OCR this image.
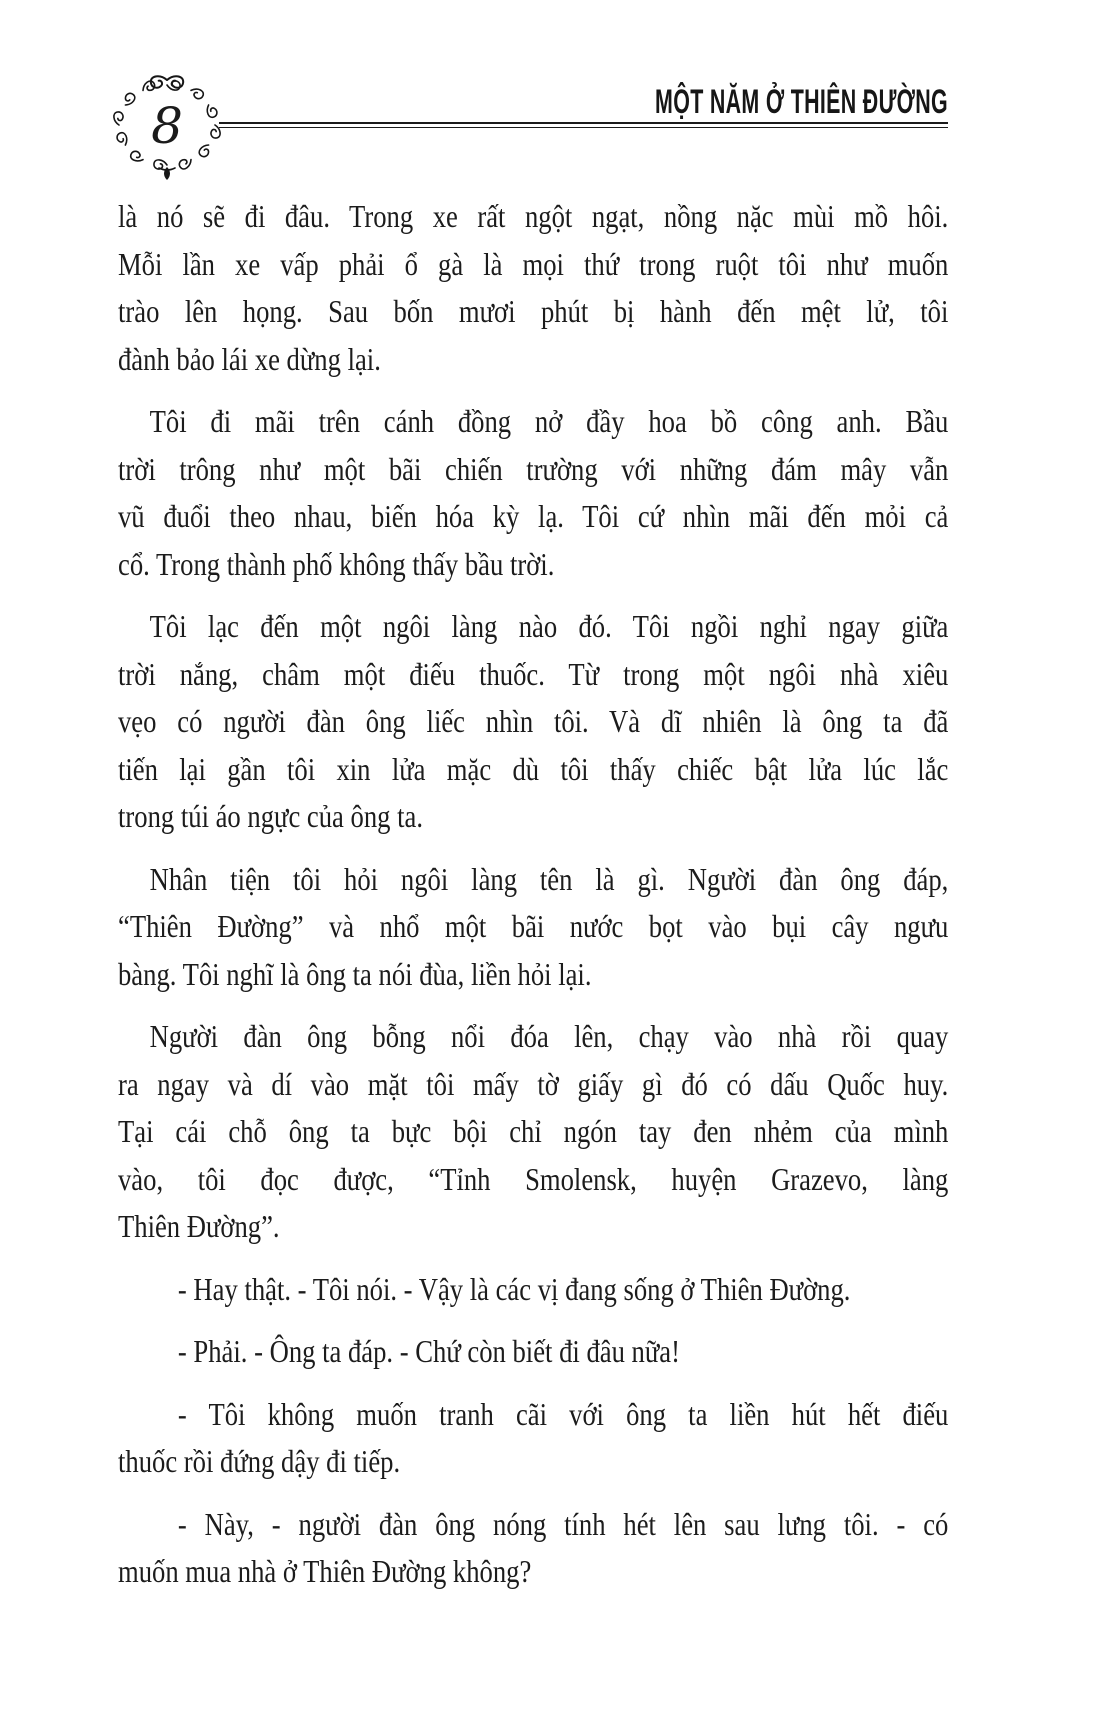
8	MỘT NĂM Ở THIÊN ĐƯỜNG
là nó sẽ đi đâu. Trong xe rất ngột ngạt, nồng nặc mùi mồ hôi.
Mỗi lần xe vấp phải ổ gà là mọi thứ trong ruột tôi như muốn
trào lên họng. Sau bốn mươi phút bị hành đến mệt lử, tôi
đành bảo lái xe dừng lại.
Tôi đi mãi trên cánh đồng nở đầy hoa bồ công anh. Bầu
trời trông như một bãi chiến trường với những đám mây vẫn
vũ đuổi theo nhau, biến hóa kỳ lạ. Tôi cứ nhìn mãi đến mỏi cả
cổ. Trong thành phố không thấy bầu trời.
Tôi lạc đến một ngôi làng nào đó. Tôi ngồi nghỉ ngay giữa
trời nắng, châm một điếu thuốc. Từ trong một ngôi nhà xiêu
vẹo có người đàn ông liếc nhìn tôi. Và dĩ nhiên là ông ta đã
tiến lại gần tôi xin lửa mặc dù tôi thấy chiếc bật lửa lúc lắc
trong túi áo ngực của ông ta.
Nhân tiện tôi hỏi ngôi làng tên là gì. Người đàn ông đáp,
“Thiên Đường” và nhổ một bãi nước bọt vào bụi cây ngưu
bàng. Tôi nghĩ là ông ta nói đùa, liền hỏi lại.
Người đàn ông bỗng nổi đóa lên, chạy vào nhà rồi quay
ra ngay và dí vào mặt tôi mấy tờ giấy gì đó có dấu Quốc huy.
Tại cái chỗ ông ta bực bội chỉ ngón tay đen nhẻm của mình
vào, tôi đọc được, “Tỉnh Smolensk, huyện Grazevo, làng
Thiên Đường”.
- Hay thật. - Tôi nói. - Vậy là các vị đang sống ở Thiên Đường.
- Phải. - Ông ta đáp. - Chứ còn biết đi đâu nữa!
- Tôi không muốn tranh cãi với ông ta liền hút hết điếu
thuốc rồi đứng dậy đi tiếp.
- Này, - người đàn ông nóng tính hét lên sau lưng tôi. - có
muốn mua nhà ở Thiên Đường không?
